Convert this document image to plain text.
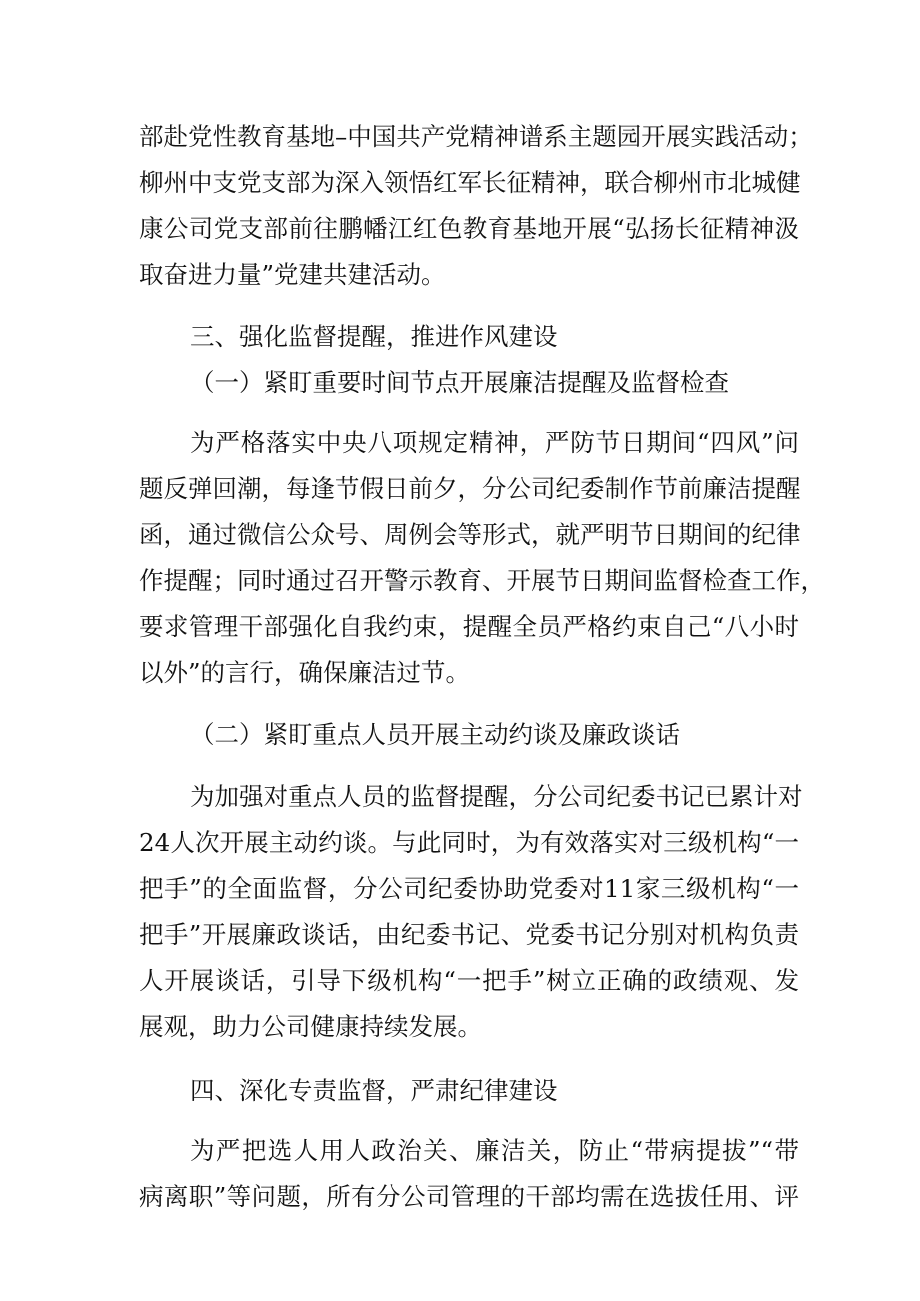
部赴党性教育基地–中国共产党精神谱系主题园开展实践活动；
柳州中支党支部为深入领悟红军长征精神，联合柳州市北城健
康公司党支部前往鹏幡江红色教育基地开展“弘扬长征精神汲
取奋进力量”党建共建活动。
三、强化监督提醒，推进作风建设
（一）紧盯重要时间节点开展廉洁提醒及监督检查
为严格落实中央八项规定精神，严防节日期间“四风”问
题反弹回潮，每逢节假日前夕，分公司纪委制作节前廉洁提醒
函，通过微信公众号、周例会等形式，就严明节日期间的纪律
作提醒；同时通过召开警示教育、开展节日期间监督检查工作，
要求管理干部强化自我约束，提醒全员严格约束自己“八小时
以外”的言行，确保廉洁过节。
（二）紧盯重点人员开展主动约谈及廉政谈话
为加强对重点人员的监督提醒，分公司纪委书记已累计对
24人次开展主动约谈。与此同时，为有效落实对三级机构“一
把手”的全面监督，分公司纪委协助党委对11家三级机构“一
把手”开展廉政谈话，由纪委书记、党委书记分别对机构负责
人开展谈话，引导下级机构“一把手”树立正确的政绩观、发
展观，助力公司健康持续发展。
四、深化专责监督，严肃纪律建设
为严把选人用人政治关、廉洁关，防止“带病提拔”“带
病离职”等问题，所有分公司管理的干部均需在选拔任用、评
